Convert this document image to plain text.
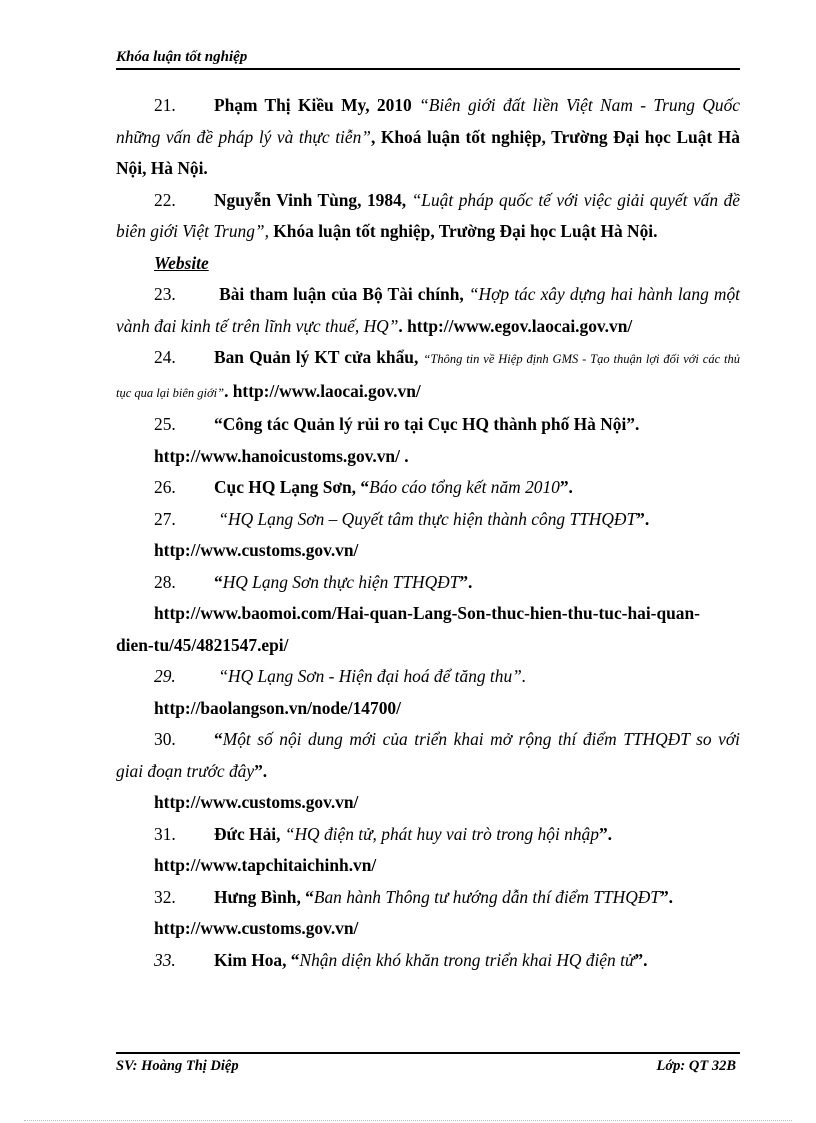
Khóa luận tốt nghiệp
21. Phạm Thị Kiều My, 2010 “Biên giới đất liền Việt Nam - Trung Quốc những vấn đề pháp lý và thực tiễn”, Khoá luận tốt nghiệp, Trường Đại học Luật Hà Nội, Hà Nội.
22. Nguyễn Vinh Tùng, 1984, “Luật pháp quốc tế với việc giải quyết vấn đề biên giới Việt Trung”, Khóa luận tốt nghiệp, Trường Đại học Luật Hà Nội.
Website
23. Bài tham luận của Bộ Tài chính, “Hợp tác xây dựng hai hành lang một vành đai kinh tế trên lĩnh vực thuế, HQ”. http://www.egov.laocai.gov.vn/
24. Ban Quản lý KT cửa khẩu, “Thông tin về Hiệp định GMS - Tạo thuận lợi đối với các thủ tục qua lại biên giới”. http://www.laocai.gov.vn/
25. “Công tác Quản lý rủi ro tại Cục HQ thành phố Hà Nội”.
http://www.hanoicustoms.gov.vn/ .
26. Cục HQ Lạng Sơn, “Báo cáo tổng kết năm 2010”.
27. “HQ Lạng Sơn – Quyết tâm thực hiện thành công TTHQĐT”.
http://www.customs.gov.vn/
28. “HQ Lạng Sơn thực hiện TTHQĐT”.
http://www.baomoi.com/Hai-quan-Lang-Son-thuc-hien-thu-tuc-hai-quan-
dien-tu/45/4821547.epi/
29. “HQ Lạng Sơn - Hiện đại hoá để tăng thu”.
http://baolangson.vn/node/14700/
30. “Một số nội dung mới của triển khai mở rộng thí điểm TTHQĐT so với giai đoạn trước đây”.
http://www.customs.gov.vn/
31. Đức Hải, “HQ điện tử, phát huy vai trò trong hội nhập”.
http://www.tapchitaichinh.vn/
32. Hưng Bình, “Ban hành Thông tư hướng dẫn thí điểm TTHQĐT”.
http://www.customs.gov.vn/
33. Kim Hoa, “Nhận diện khó khăn trong triển khai HQ điện tử”.
SV: Hoàng Thị Diệp	Lớp: QT 32B
